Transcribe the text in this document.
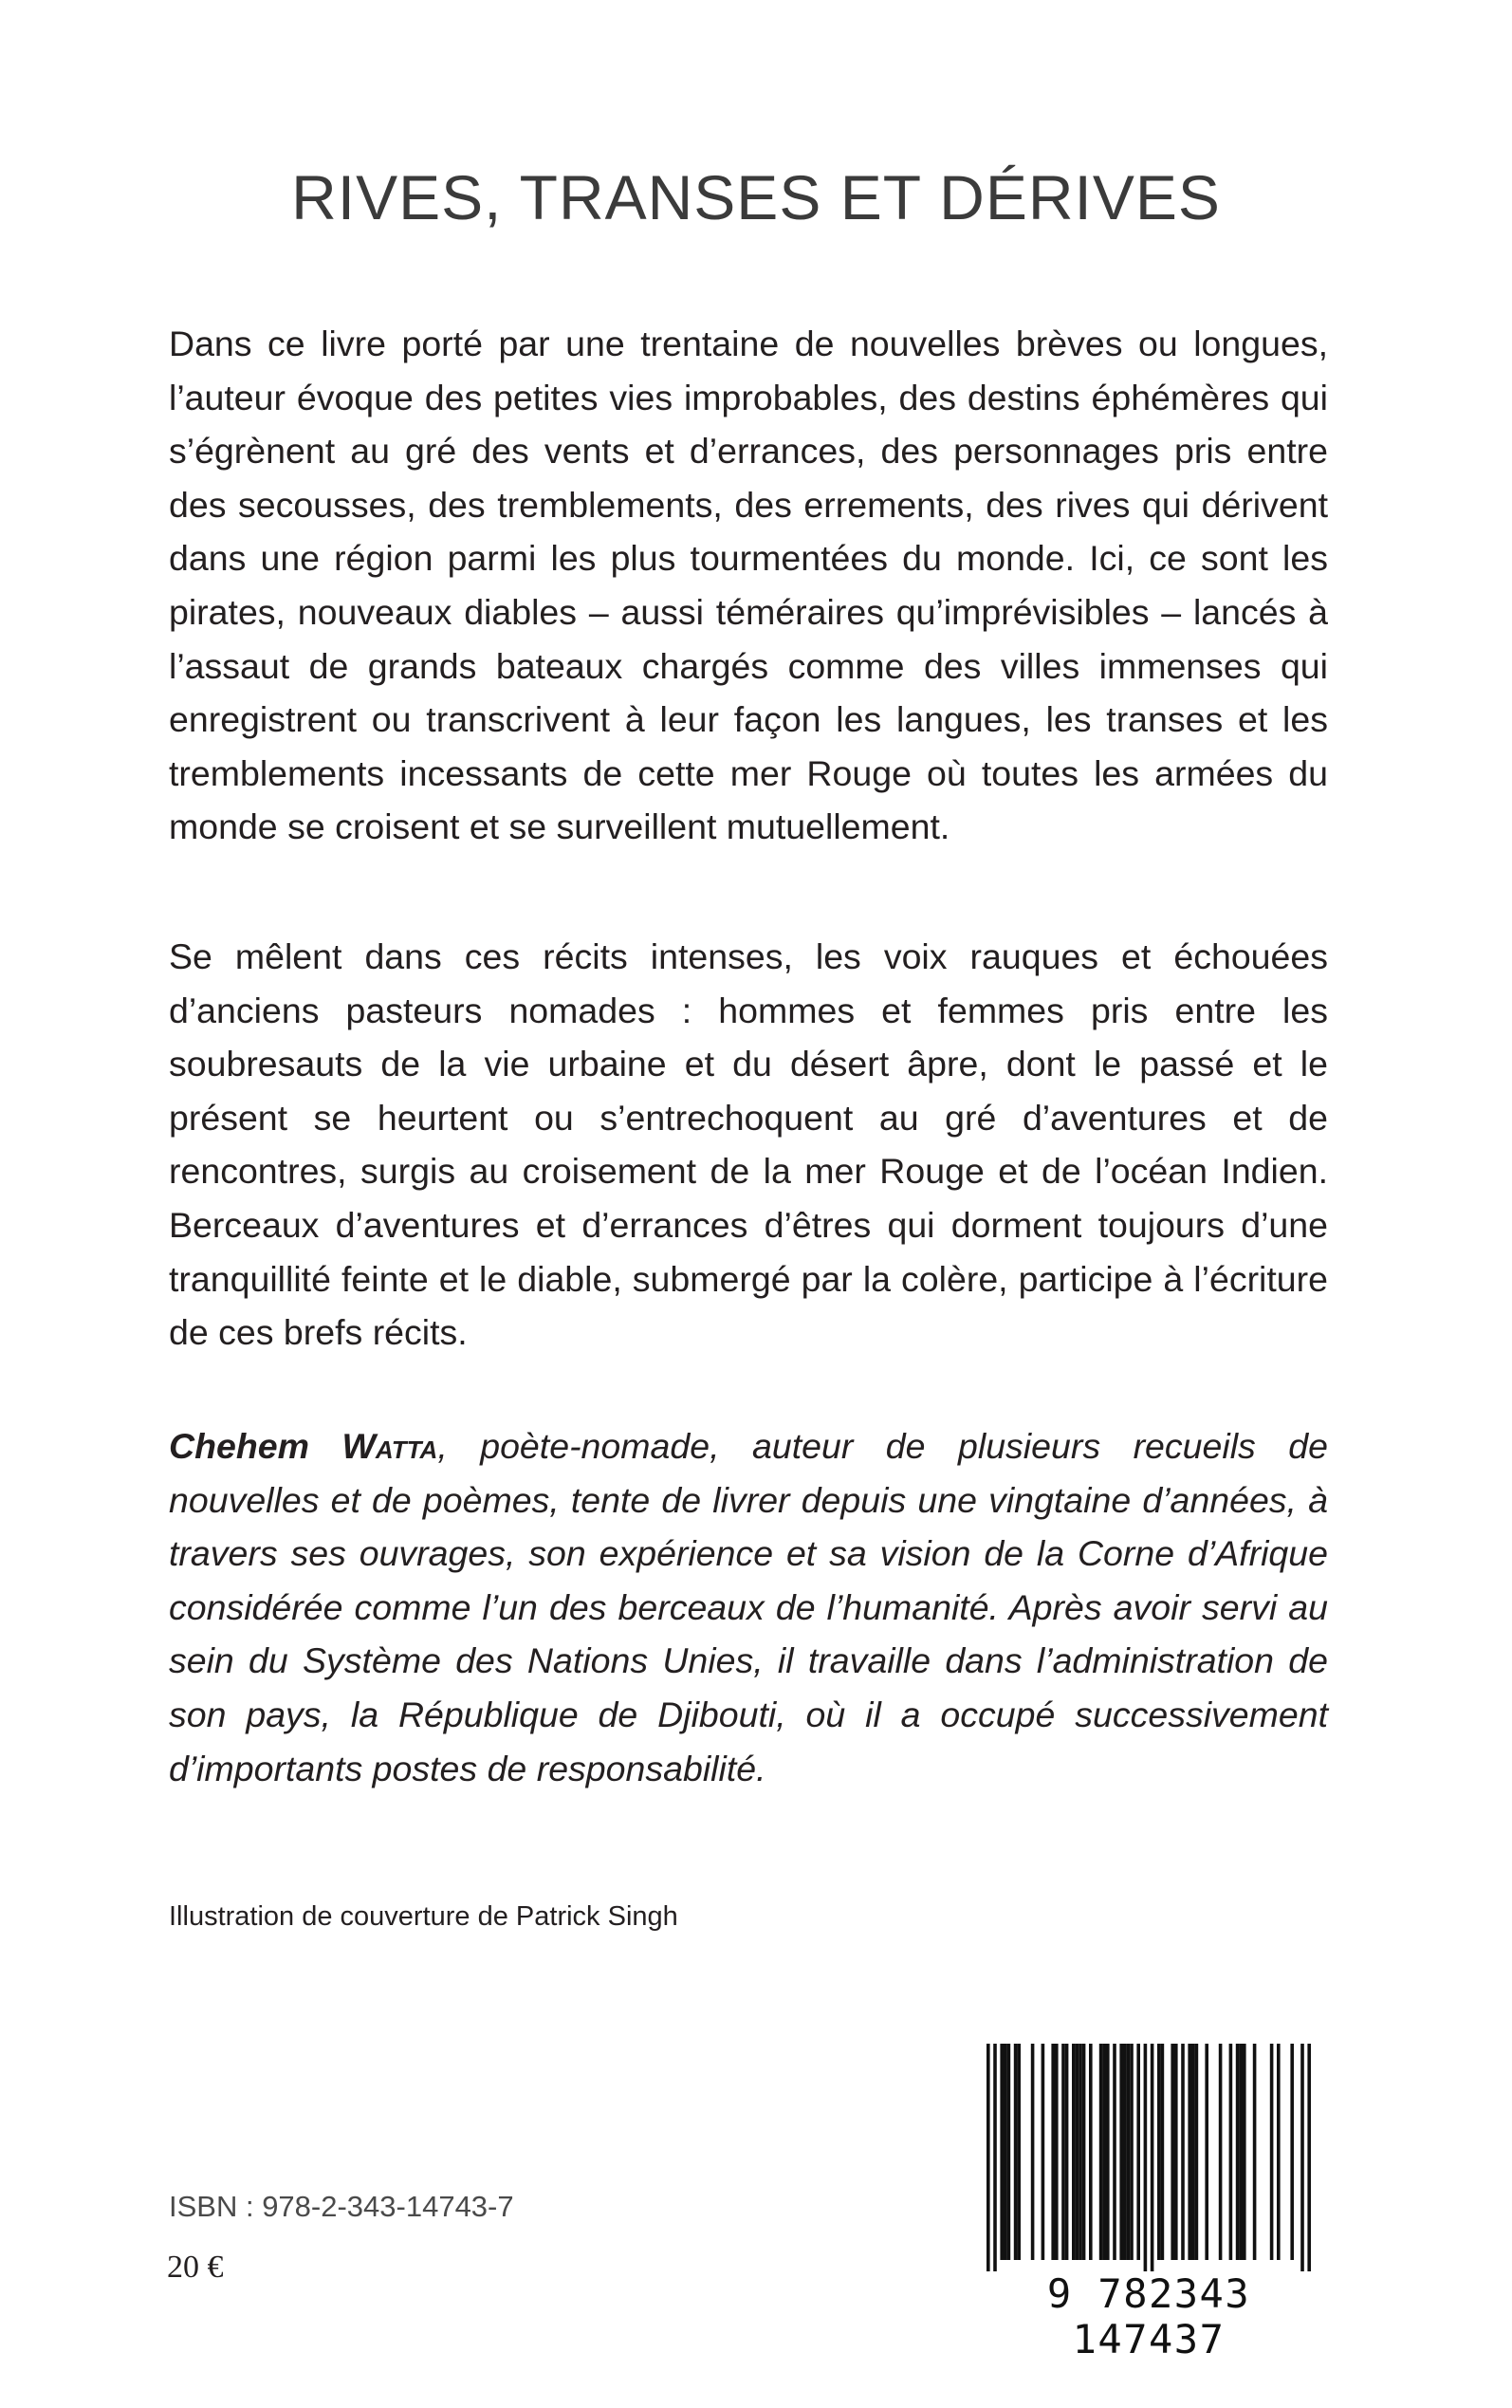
RIVES, TRANSES ET DÉRIVES

Dans ce livre porté par une trentaine de nouvelles brèves ou longues, l’auteur évoque des petites vies improbables, des destins éphémères qui s’égrènent au gré des vents et d’errances, des personnages pris entre des secousses, des tremblements, des errements, des rives qui dérivent dans une région parmi les plus tourmentées du monde. Ici, ce sont les pirates, nouveaux diables – aussi téméraires qu’imprévisibles – lancés à l’assaut de grands bateaux chargés comme des villes immenses qui enregistrent ou transcrivent à leur façon les langues, les transes et les tremblements incessants de cette mer Rouge où toutes les armées du monde se croisent et se surveillent mutuellement.

Se mêlent dans ces récits intenses, les voix rauques et échouées d’anciens pasteurs nomades : hommes et femmes pris entre les soubresauts de la vie urbaine et du désert âpre, dont le passé et le présent se heurtent ou s’entrechoquent au gré d’aventures et de rencontres, surgis au croisement de la mer Rouge et de l’océan Indien. Berceaux d’aventures et d’errances d’êtres qui dorment toujours d’une tranquillité feinte et le diable, submergé par la colère, participe à l’écriture de ces brefs récits.

Chehem Watta, poète-nomade, auteur de plusieurs recueils de nouvelles et de poèmes, tente de livrer depuis une vingtaine d’années, à travers ses ouvrages, son expérience et sa vision de la Corne d’Afrique considérée comme l’un des berceaux de l’humanité. Après avoir servi au sein du Système des Nations Unies, il travaille dans l’administration de son pays, la République de Djibouti, où il a occupé successivement d’importants postes de responsabilité.

Illustration de couverture de Patrick Singh

ISBN : 978-2-343-14743-7

20 €

9 782343 147437
